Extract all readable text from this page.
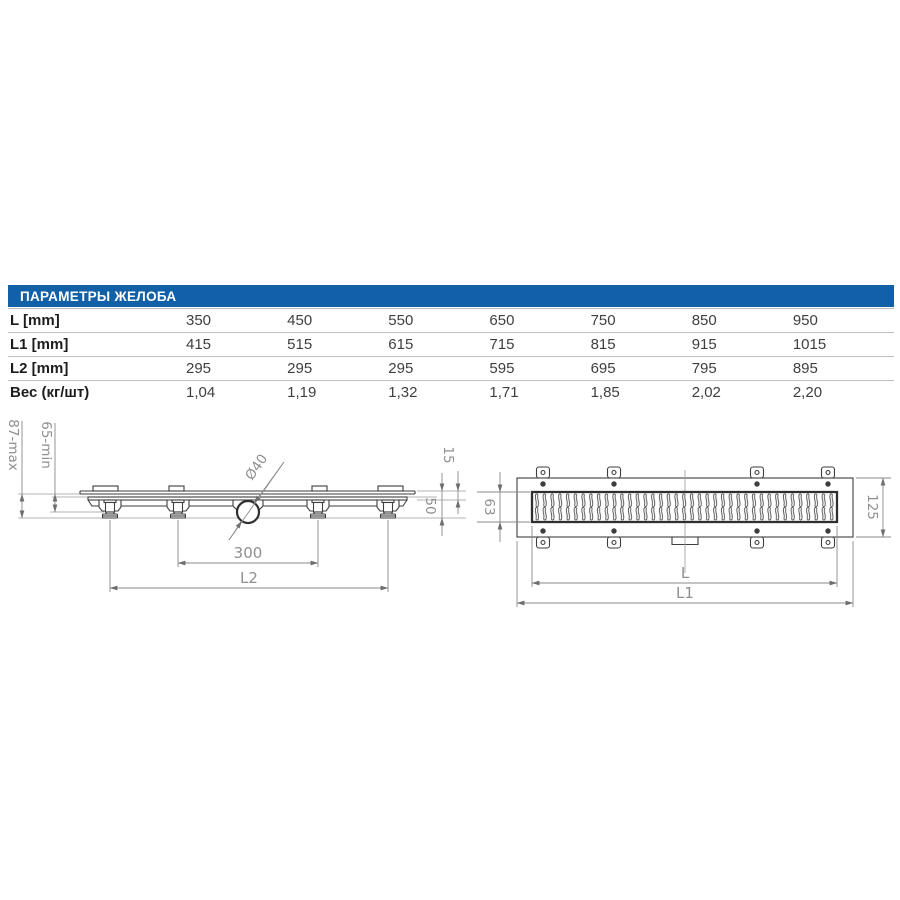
ПАРАМЕТРЫ ЖЕЛОБА
L [mm]	350	450	550	650	750	850	950
L1 [mm]	415	515	615	715	815	915	1015
L2 [mm]	295	295	295	595	695	795	895
Вес (кг/шт)	1,04	1,19	1,32	1,71	1,85	2,02	2,20
Ø40
87-max 65-min	15
50
300
L2
63	125
L
L1
